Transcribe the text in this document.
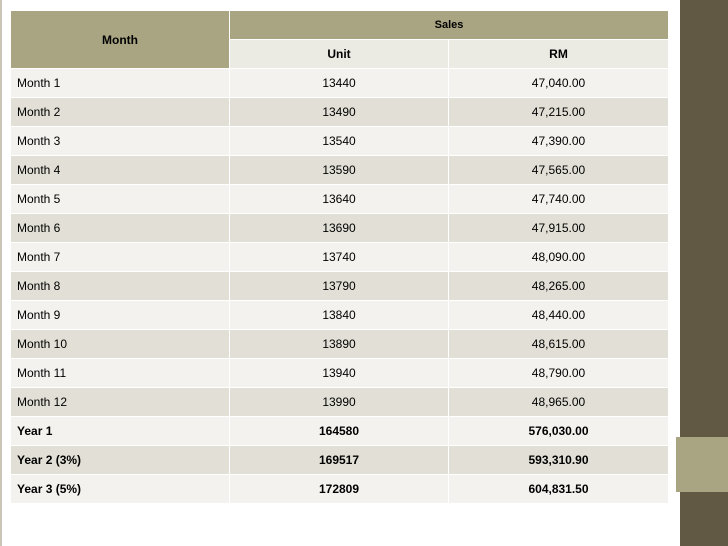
Month	Sales	
	Unit	RM
Month 1	13440	47,040.00
Month 2	13490	47,215.00
Month 3	13540	47,390.00
Month 4	13590	47,565.00
Month 5	13640	47,740.00
Month 6	13690	47,915.00
Month 7	13740	48,090.00
Month 8	13790	48,265.00
Month 9	13840	48,440.00
Month 10	13890	48,615.00
Month 11	13940	48,790.00
Month 12	13990	48,965.00
Year 1	164580	576,030.00
Year 2 (3%)	169517	593,310.90
Year 3 (5%)	172809	604,831.50
